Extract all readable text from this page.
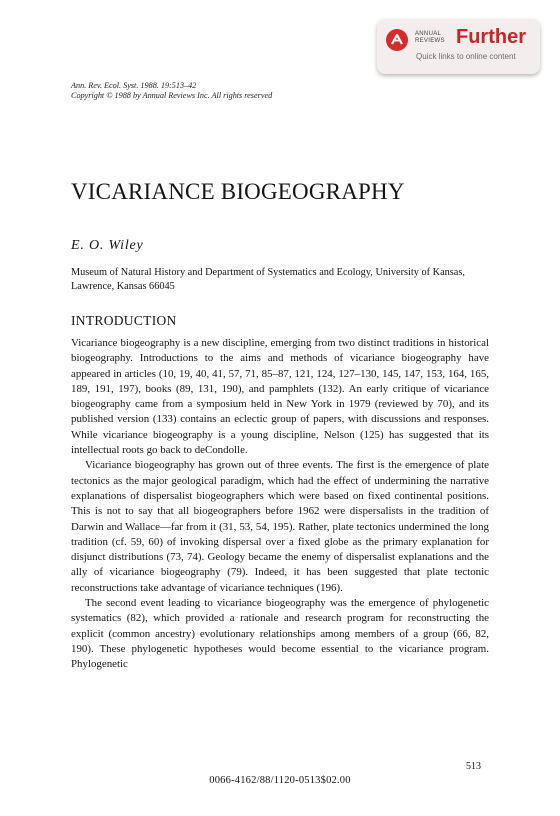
ANNUAL
REVIEWS Further
Quick links to online content
Ann. Rev. Ecol. Syst. 1988. 19:513–42
Copyright © 1988 by Annual Reviews Inc. All rights reserved
VICARIANCE BIOGEOGRAPHY
E. O. Wiley
Museum of Natural History and Department of Systematics and Ecology, University of Kansas, Lawrence, Kansas 66045
INTRODUCTION

Vicariance biogeography is a new discipline, emerging from two distinct traditions in historical biogeography. Introductions to the aims and methods of vicariance biogeography have appeared in articles (10, 19, 40, 41, 57, 71, 85–87, 121, 124, 127–130, 145, 147, 153, 164, 165, 189, 191, 197), books (89, 131, 190), and pamphlets (132). An early critique of vicariance biogeography came from a symposium held in New York in 1979 (reviewed by 70), and its published version (133) contains an eclectic group of papers, with discussions and responses. While vicariance biogeography is a young discipline, Nelson (125) has suggested that its intellectual roots go back to deCondolle.

Vicariance biogeography has grown out of three events. The first is the emergence of plate tectonics as the major geological paradigm, which had the effect of undermining the narrative explanations of dispersalist biogeographers which were based on fixed continental positions. This is not to say that all biogeographers before 1962 were dispersalists in the tradition of Darwin and Wallace—far from it (31, 53, 54, 195). Rather, plate tectonics undermined the long tradition (cf. 59, 60) of invoking dispersal over a fixed globe as the primary explanation for disjunct distributions (73, 74). Geology became the enemy of dispersalist explanations and the ally of vicariance biogeography (79). Indeed, it has been suggested that plate tectonic reconstructions take advantage of vicariance techniques (196).

The second event leading to vicariance biogeography was the emergence of phylogenetic systematics (82), which provided a rationale and research program for reconstructing the explicit (common ancestry) evolutionary relationships among members of a group (66, 82, 190). These phylogenetic hypotheses would become essential to the vicariance program. Phylogenetic

513
0066-4162/88/1120-0513$02.00
